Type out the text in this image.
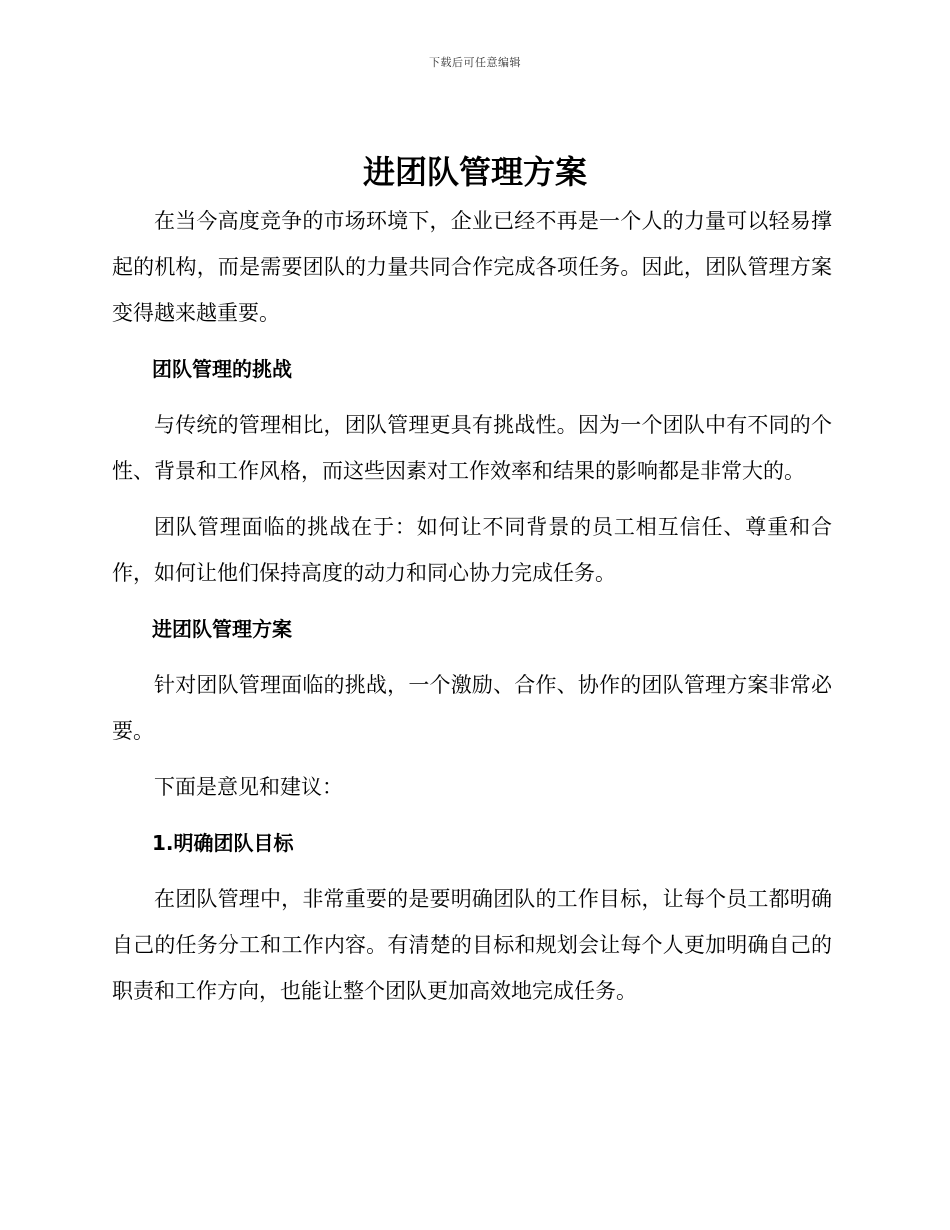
下载后可任意编辑
进团队管理方案

在当今高度竞争的市场环境下，企业已经不再是一个人的力量可以轻易撑起的机构，而是需要团队的力量共同合作完成各项任务。因此，团队管理方案变得越来越重要。

团队管理的挑战

与传统的管理相比，团队管理更具有挑战性。因为一个团队中有不同的个性、背景和工作风格，而这些因素对工作效率和结果的影响都是非常大的。

团队管理面临的挑战在于：如何让不同背景的员工相互信任、尊重和合作，如何让他们保持高度的动力和同心协力完成任务。

进团队管理方案

针对团队管理面临的挑战，一个激励、合作、协作的团队管理方案非常必要。

下面是意见和建议：

1.明确团队目标

在团队管理中，非常重要的是要明确团队的工作目标，让每个员工都明确自己的任务分工和工作内容。有清楚的目标和规划会让每个人更加明确自己的职责和工作方向，也能让整个团队更加高效地完成任务。
